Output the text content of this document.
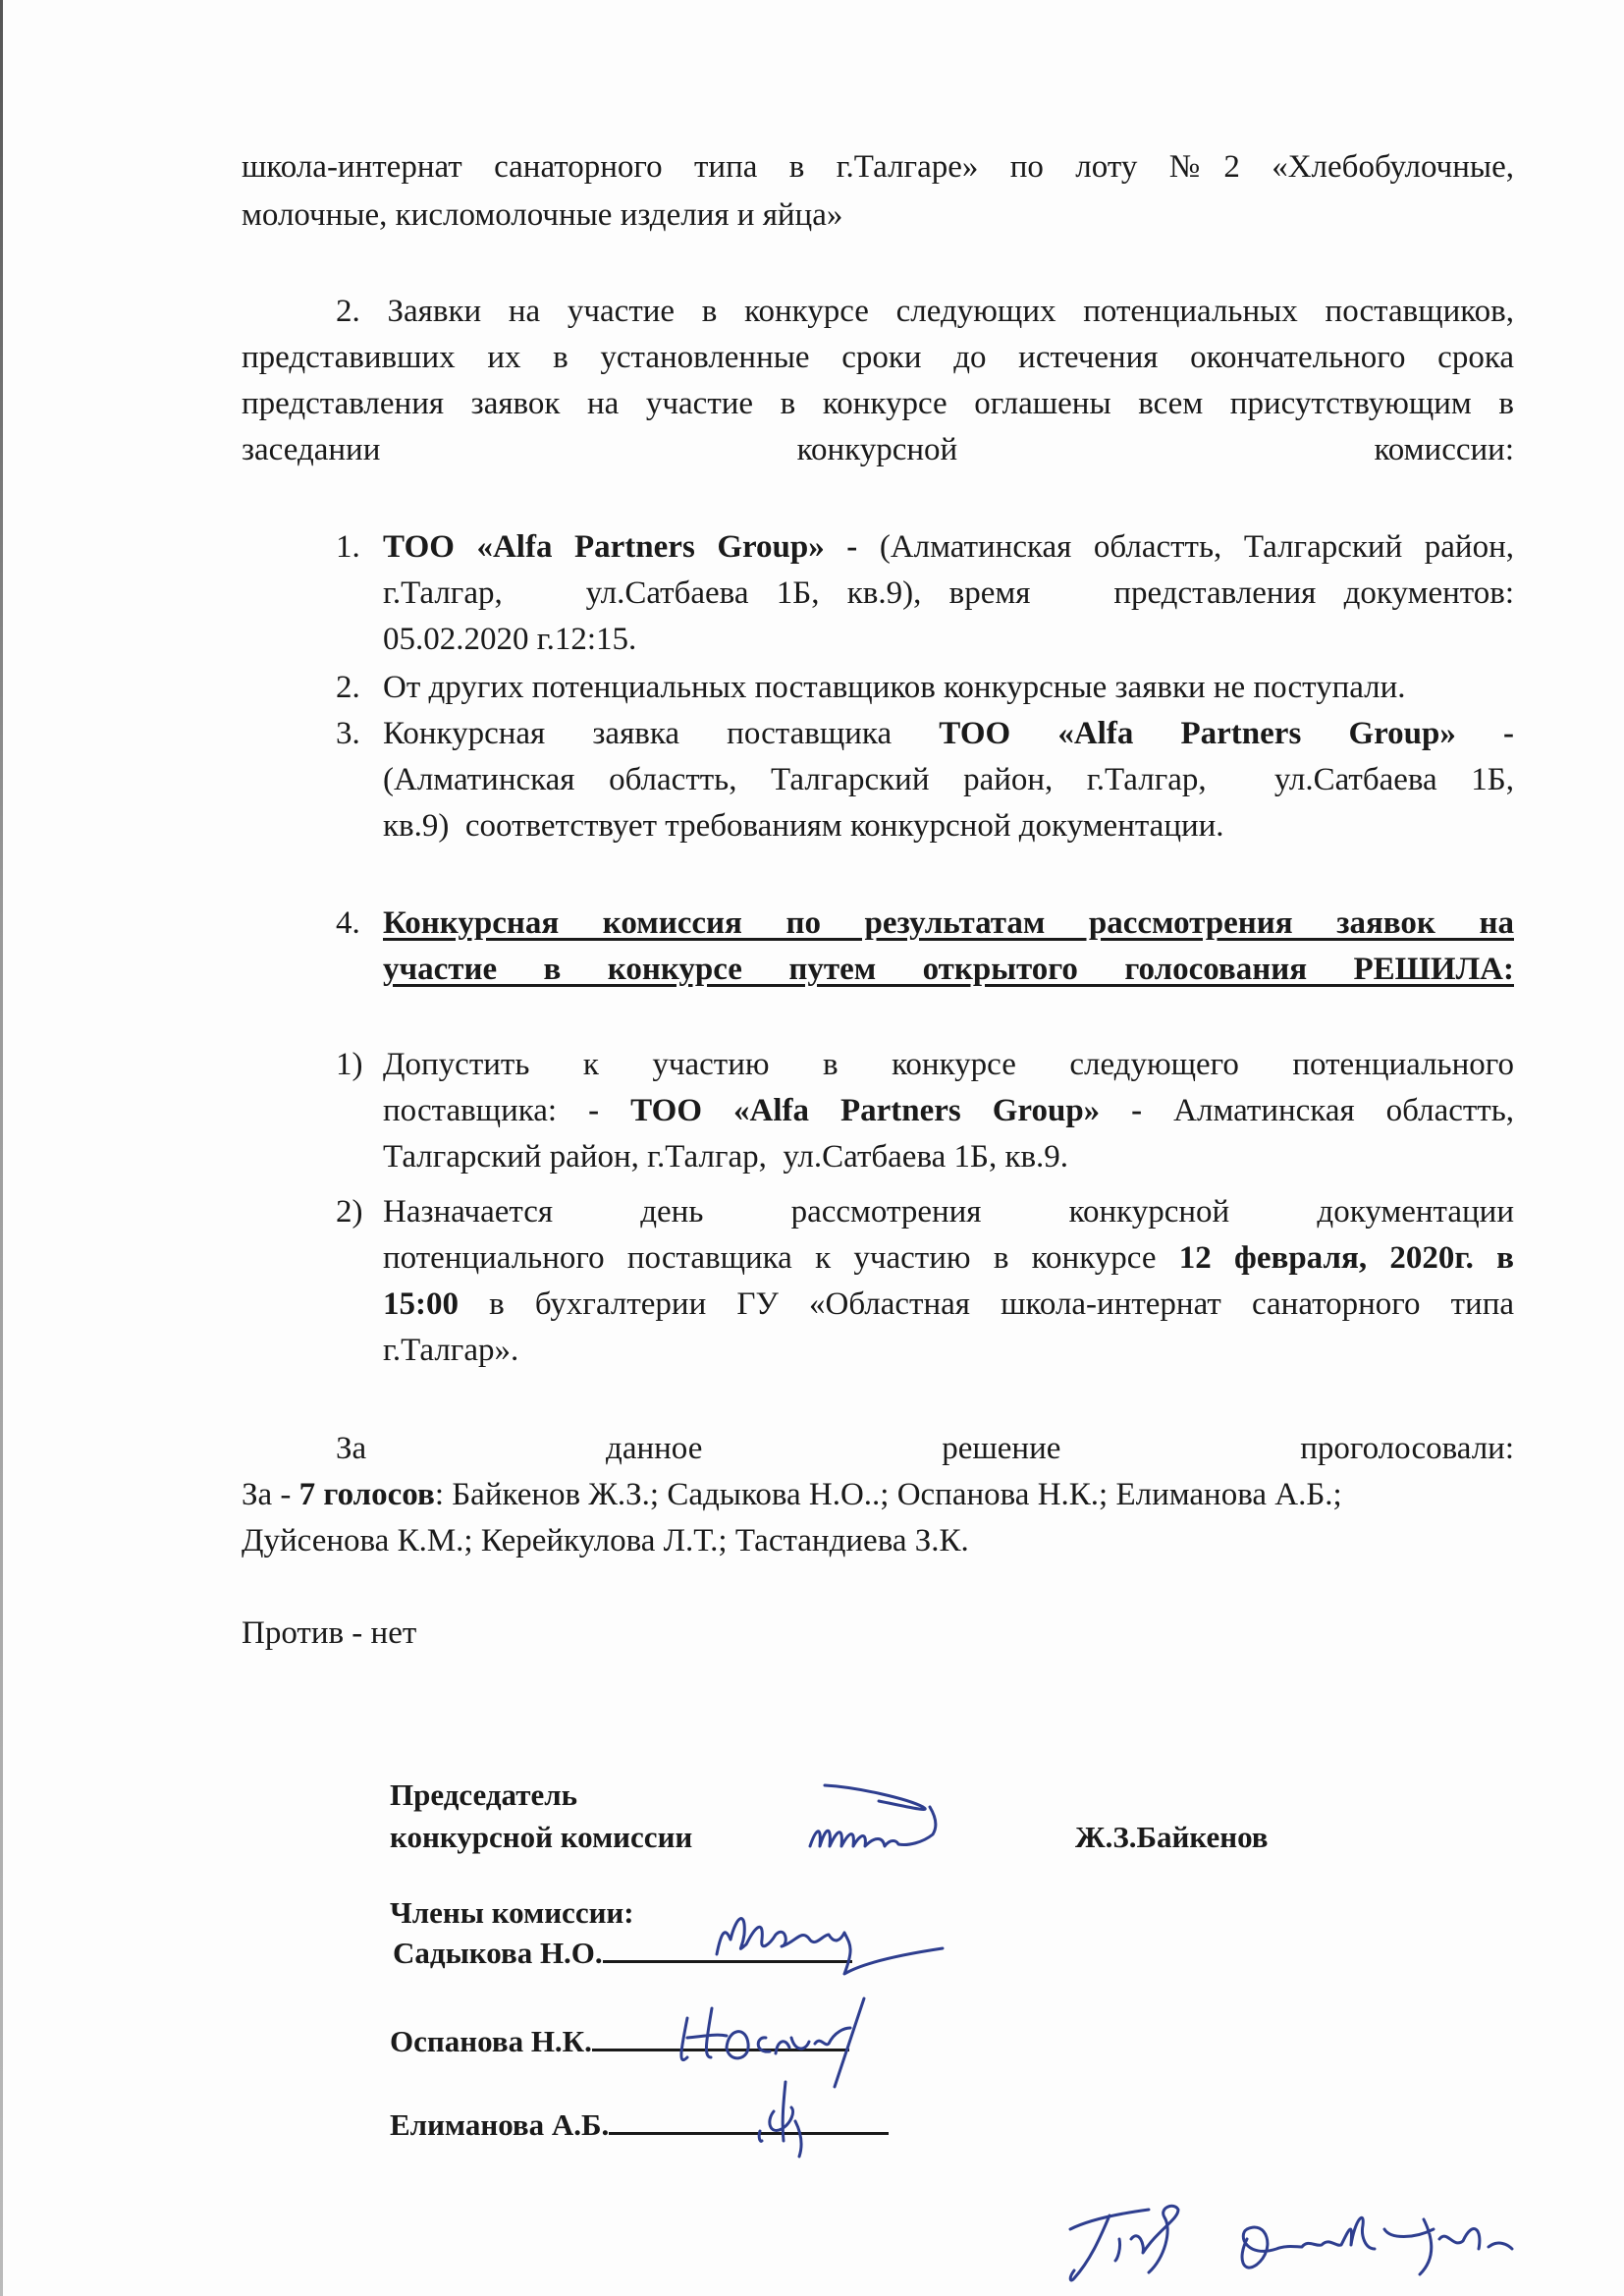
школа-интернат санаторного типа в г.Талгаре» по лоту №2 «Хлебобулочные,
молочные, кисломолочные изделия и яйца»
2. Заявки на участие в конкурсе следующих потенциальных поставщиков,
представивших их в установленные сроки до истечения окончательного срока
представления заявок на участие в конкурсе оглашены всем присутствующим в
заседании конкурсной комиссии:
1. ТОО «Alfa Partners Group» - (Алматинская областть, Талгарский район,
г.Талгар,   ул.Сатбаева 1Б, кв.9), время   представления документов:
05.02.2020 г.12:15.
2. От других потенциальных поставщиков конкурсные заявки не поступали.
3. Конкурсная заявка поставщика ТОО «Alfa Partners Group» -
(Алматинская областть, Талгарский район, г.Талгар,  ул.Сатбаева 1Б,
кв.9)  соответствует требованиям конкурсной документации.
4. Конкурсная комиссия по результатам рассмотрения заявок на
участие в конкурсе путем открытого голосования РЕШИЛА:
1) Допустить к участию в конкурсе следующего потенциального
поставщика: - ТОО «Alfa Partners Group» - Алматинская областть,
Талгарский район, г.Талгар,  ул.Сатбаева 1Б, кв.9.
2) Назначается день рассмотрения конкурсной документации
потенциального поставщика к участию в конкурсе 12 февраля, 2020г. в
15:00 в бухгалтерии ГУ «Областная школа-интернат санаторного типа
г.Талгар».
За данное решение проголосовали:
За - 7 голосов: Байкенов Ж.З.; Садыкова Н.О..; Оспанова Н.К.; Елиманова А.Б.;
Дуйсенова К.М.; Керейкулова Л.Т.; Тастандиева З.К.
Против - нет
Председатель
конкурсной комиссии	Ж.З.Байкенов
Члены комиссии:
Садыкова Н.О.
Оспанова Н.К.
Елиманова А.Б.
